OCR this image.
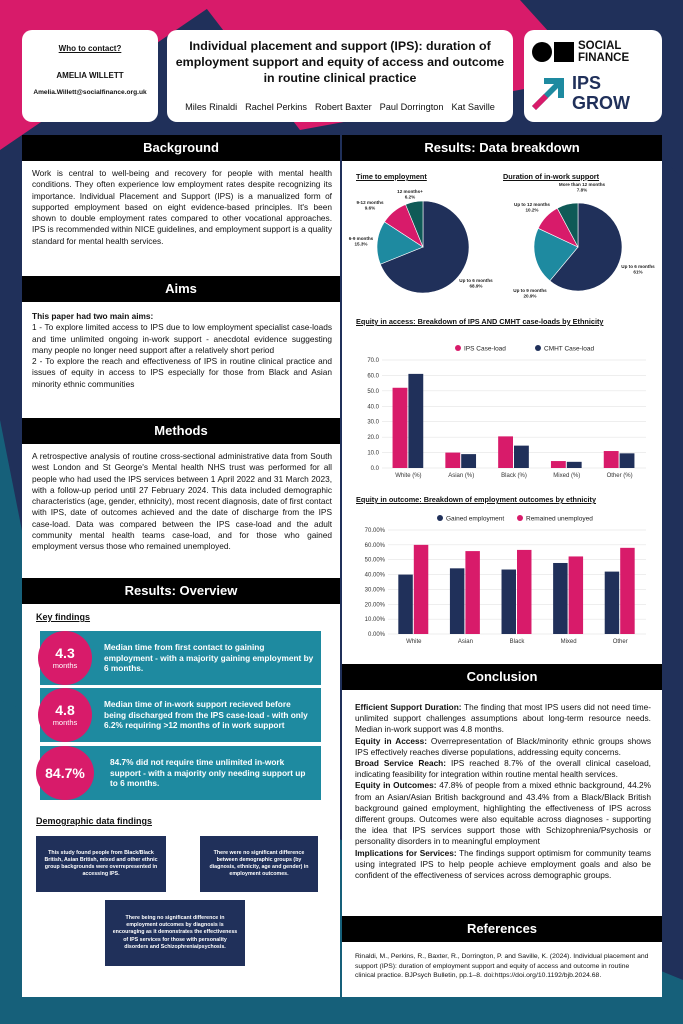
Who to contact?
AMELIA WILLETT
Amelia.Willett@socialfinance.org.uk
Individual placement and support (IPS): duration of employment support and equity of access and outcome in routine clinical practice
Miles Rinaldi Rachel Perkins Robert Baxter Paul Dorrington Kat Saville
SOCIAL
FINANCE
IPS
GROW
Background
Work is central to well-being and recovery for people with mental health conditions. They often experience low employment rates despite recognizing its importance. Individual Placement and Support (IPS) is a manualized form of supported employment based on eight evidence-based principles. It's been shown to double employment rates compared to other vocational approaches. IPS is recommended within NICE guidelines, and employment support is a quality standard for mental health services.
Aims

This paper had two main aims:

1 - To explore limited access to IPS due to low employment specialist case-loads and time unlimited ongoing in-work support - anecdotal evidence suggesting many people no longer need support after a relatively short period

2 - To explore the reach and effectiveness of IPS in routine clinical practice and issues of equity in access to IPS especially for those from Black and Asian minority ethnic communities

Methods
A retrospective analysis of routine cross-sectional administrative data from South west London and St George's Mental health NHS trust was performed for all people who had used the IPS services between 1 April 2022 and 31 March 2023, with a follow-up period until 27 February 2024. This data included demographic characteristics (age, gender, ethnicity), most recent diagnosis, date of first contact with IPS, date of outcomes achieved and the date of discharge from the IPS case-load. Data was compared between the IPS case-load and the adult community mental health teams case-load, and for those who gained employment versus those who remained unemployed.
Results: Overview
Key findings
Median time from first contact to gaining employment - with a majority gaining employment by 6 months.
4.3
months
Median time of in-work support recieved before being discharged from the IPS case-load - with only 6.2% requiring >12 months of in work support
4.8
months
84.7% did not require time unlimited in-work support - with a majority only needing support up to 6 months.
84.7%
Demographic data findings
This study found people from Black/Black British, Asian British, mixed and other ethnic group backgrounds were overrepresented in accessing IPS.
There were no significant difference between demographic groups (by diagnosis, ethnicity, age and gender) in employment outcomes.
There being no significant difference in employment outcomes by diagnosis is encouraging as it demonstrates the effectiveness of IPS services for those with personality disorders and Schizophrenia/psychosis.
Results: Data breakdown
Time to employment
Up to 6 months 68.9%
6-9 months 15.3%
9-12 months 9.6%
12 months+ 6.2%
Duration of in-work support
Up to 6 months 61%
Up to 9 months 20.9%
Up to 12 months 10.2%
More than 12 months 7.8%
Equity in access: Breakdown of IPS AND CMHT case-loads by Ethnicity
IPS Case-load	CMHT Case-load
0.0
10.0
20.0
30.0
40.0
50.0
60.0
70.0
White (%)	Asian (%)	Black (%)	Mixed (%)	Other (%)
Equity in outcome: Breakdown of employment outcomes by ethnicity
Gained employment	Remained unemployed
0.00%
10.00%
20.00%
30.00%
40.00%
50.00%
60.00%
70.00%
White	Asian	Black	Mixed	Other
Conclusion

Efficient Support Duration: The finding that most IPS users did not need time-unlimited support challenges assumptions about long-term resource needs. Median in-work support was 4.8 months.

Equity in Access: Overrepresentation of Black/minority ethnic groups shows IPS effectively reaches diverse populations, addressing equity concerns.

Broad Service Reach: IPS reached 8.7% of the overall clinical caseload, indicating feasibility for integration within routine mental health services.

Equity in Outcomes: 47.8% of people from a mixed ethnic background, 44.2% from an Asian/Asian British background and 43.4% from a Black/Black British background gained employment, highlighting the effectiveness of IPS across different groups. Outcomes were also equitable across diagnoses - supporting the idea that IPS services support those with Schizophrenia/Psychosis or personality disorders in to meaningful employment

Implications for Services: The findings support optimism for community teams using integrated IPS to help people achieve employment goals and also be confident of the effectiveness of services across demographic groups.

References
Rinaldi, M., Perkins, R., Baxter, R., Dorrington, P. and Saville, K. (2024). Individual placement and support (IPS): duration of employment support and equity of access and outcome in routine clinical practice. BJPsych Bulletin, pp.1–8. doi:https://doi.org/10.1192/bjb.2024.68.
